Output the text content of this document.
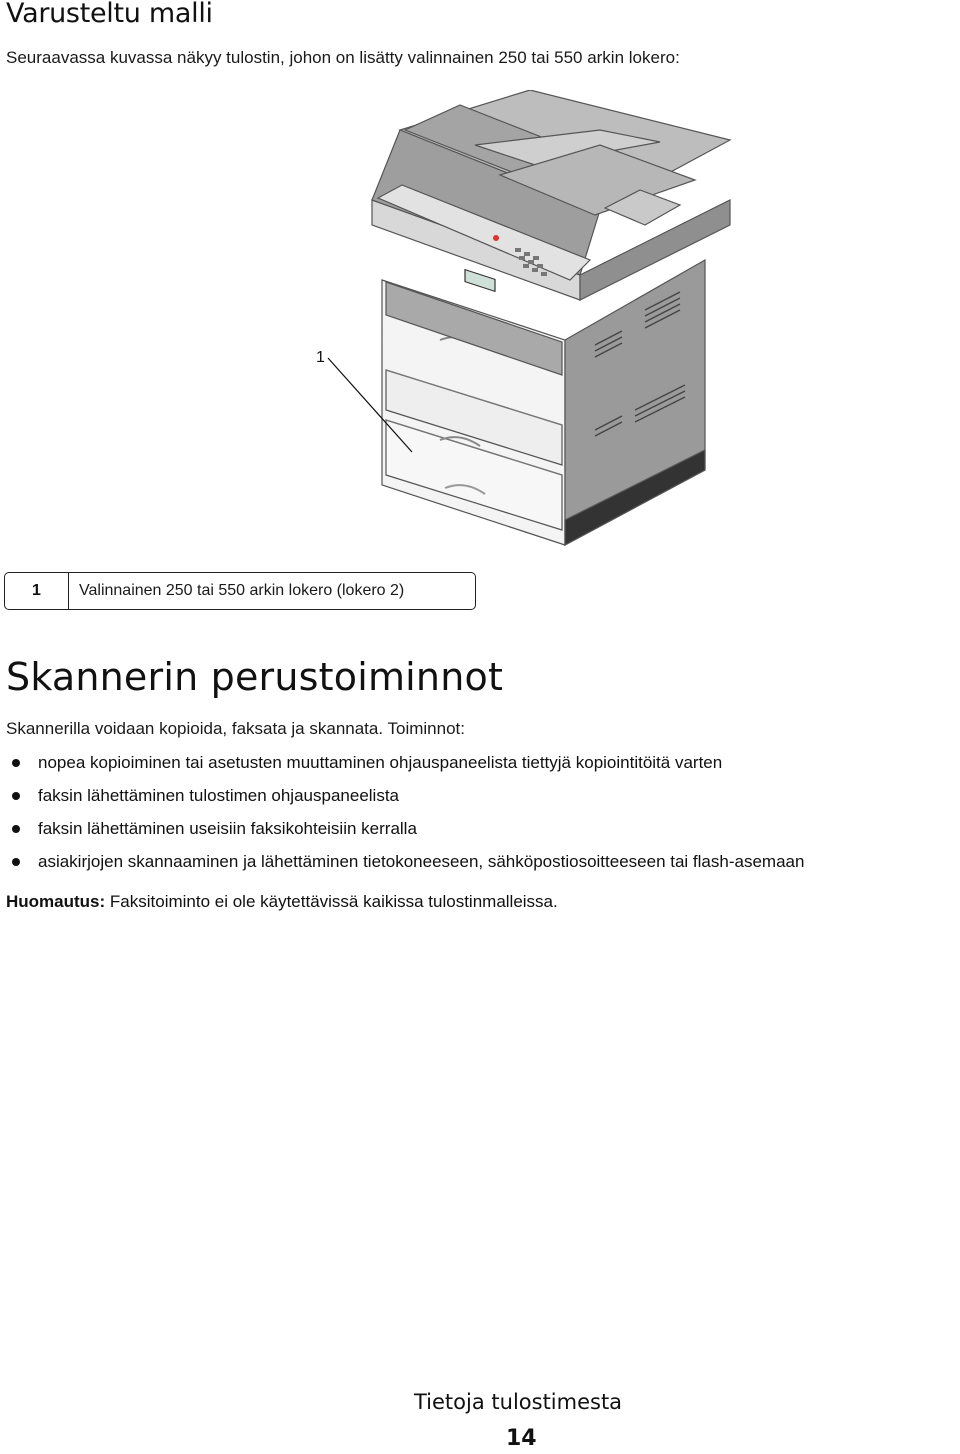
Varusteltu malli

Seuraavassa kuvassa näkyy tulostin, johon on lisätty valinnainen 250 tai 550 arkin lokero:

1
1	Valinnainen 250 tai 550 arkin lokero (lokero 2)
Skannerin perustoiminnot

Skannerilla voidaan kopioida, faksata ja skannata. Toiminnot:

nopea kopioiminen tai asetusten muuttaminen ohjauspaneelista tiettyjä kopiointitöitä varten
faksin lähettäminen tulostimen ohjauspaneelista
faksin lähettäminen useisiin faksikohteisiin kerralla
asiakirjojen skannaaminen ja lähettäminen tietokoneeseen, sähköpostiosoitteeseen tai flash-asemaan
Huomautus: Faksitoiminto ei ole käytettävissä kaikissa tulostinmalleissa.
Tietoja tulostimesta
14
